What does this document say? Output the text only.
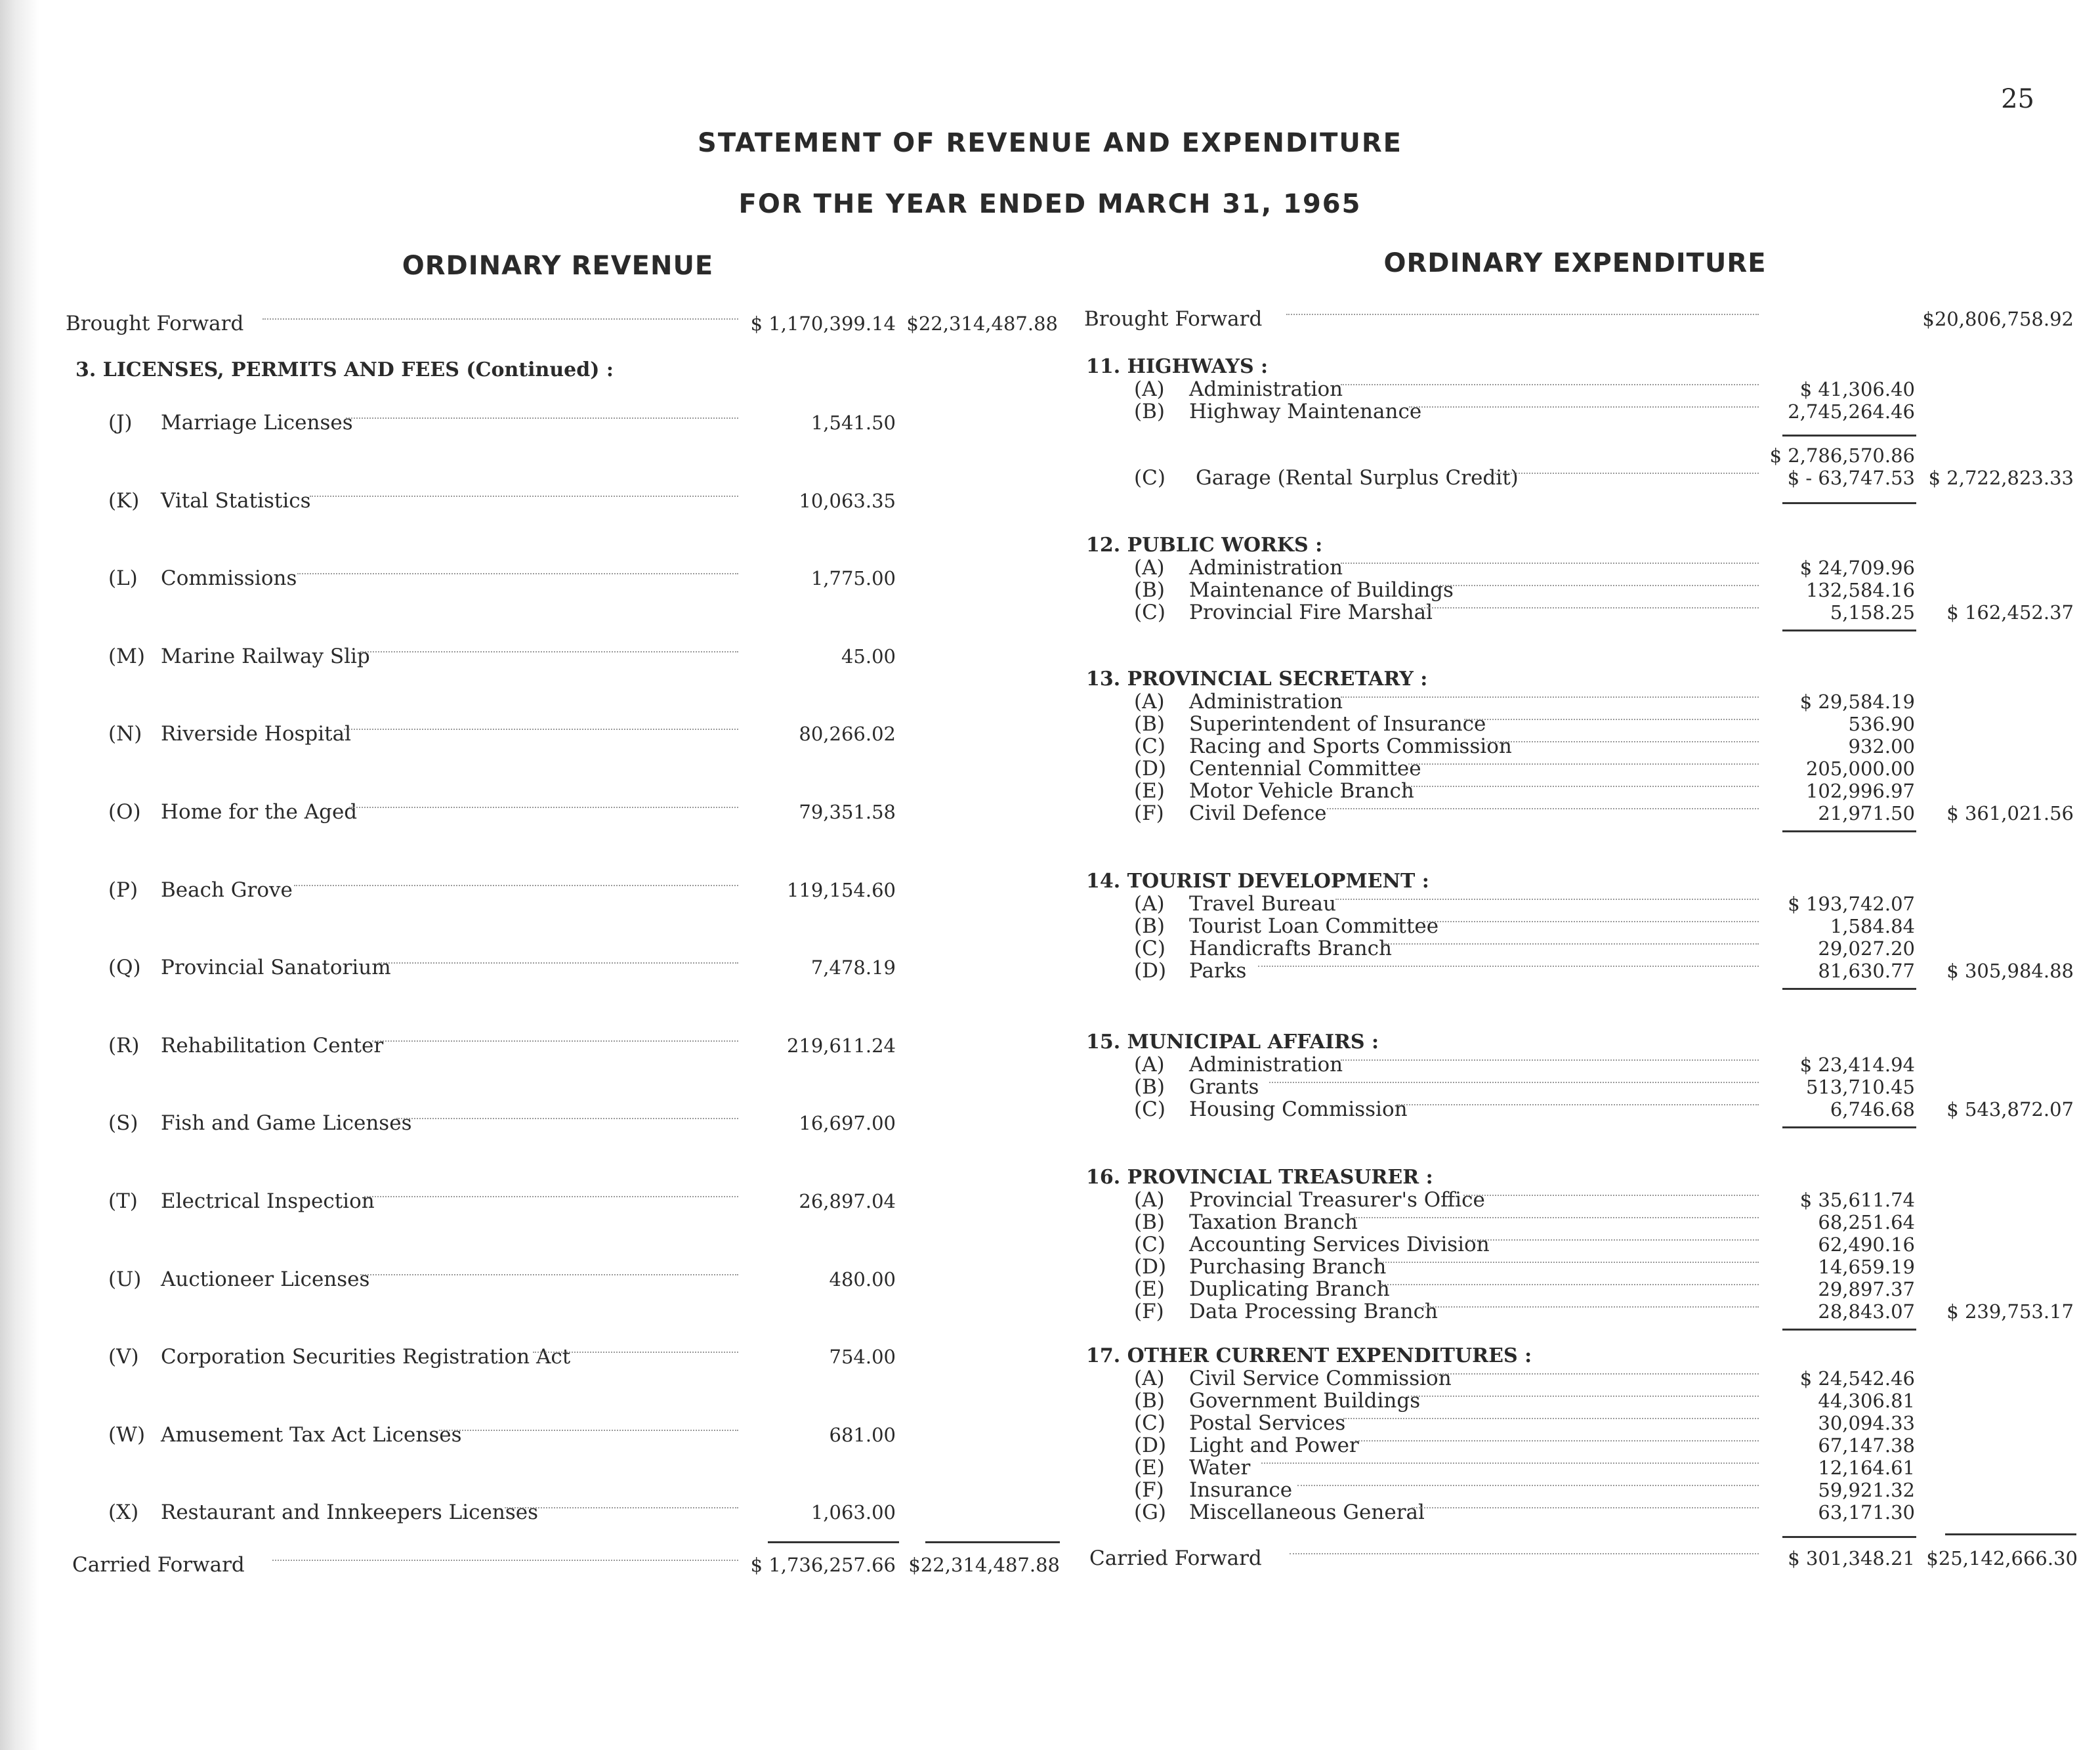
25
STATEMENT OF REVENUE AND EXPENDITURE
FOR THE YEAR ENDED MARCH 31, 1965
ORDINARY REVENUE	ORDINARY EXPENDITURE
Brought Forward	$ 1,170,399.14 $22,314,487.88
3. LICENSES, PERMITS AND FEES (Continued) :
(J) Marriage Licenses	1,541.50
(K) Vital Statistics	10,063.35
(L) Commissions	1,775.00
(M) Marine Railway Slip	45.00
(N) Riverside Hospital	80,266.02
(O) Home for the Aged	79,351.58
(P) Beach Grove	119,154.60
(Q) Provincial Sanatorium	7,478.19
(R) Rehabilitation Center	219,611.24
(S) Fish and Game Licenses	16,697.00
(T) Electrical Inspection	26,897.04
(U) Auctioneer Licenses	480.00
(V) Corporation Securities Registration Act	754.00
(W) Amusement Tax Act Licenses	681.00
(X) Restaurant and Innkeepers Licenses	1,063.00
Carried Forward	$ 1,736,257.66 $22,314,487.88
Brought Forward	$20,806,758.92
11. HIGHWAYS :
(A) Administration	$ 41,306.40
(B) Highway Maintenance	2,745,264.46
$ 2,786,570.86
(C) Garage (Rental Surplus Credit)	$ - 63,747.53 $ 2,722,823.33
12. PUBLIC WORKS :
(A) Administration	$ 24,709.96
(B) Maintenance of Buildings	132,584.16
(C) Provincial Fire Marshal	5,158.25 $ 162,452.37
13. PROVINCIAL SECRETARY :
(A) Administration	$ 29,584.19
(B) Superintendent of Insurance	536.90
(C) Racing and Sports Commission	932.00
(D) Centennial Committee	205,000.00
(E) Motor Vehicle Branch	102,996.97
(F) Civil Defence	21,971.50 $ 361,021.56
14. TOURIST DEVELOPMENT :
(A) Travel Bureau	$ 193,742.07
(B) Tourist Loan Committee	1,584.84
(C) Handicrafts Branch	29,027.20
(D) Parks	81,630.77 $ 305,984.88
15. MUNICIPAL AFFAIRS :
(A) Administration	$ 23,414.94
(B) Grants	513,710.45
(C) Housing Commission	6,746.68 $ 543,872.07
16. PROVINCIAL TREASURER :
(A) Provincial Treasurer's Office	$ 35,611.74
(B) Taxation Branch	68,251.64
(C) Accounting Services Division	62,490.16
(D) Purchasing Branch	14,659.19
(E) Duplicating Branch	29,897.37
(F) Data Processing Branch	28,843.07 $ 239,753.17
17. OTHER CURRENT EXPENDITURES :
(A) Civil Service Commission	$ 24,542.46
(B) Government Buildings	44,306.81
(C) Postal Services	30,094.33
(D) Light and Power	67,147.38
(E) Water	12,164.61
(F) Insurance	59,921.32
(G) Miscellaneous General	63,171.30
Carried Forward	$ 301,348.21 $25,142,666.30
